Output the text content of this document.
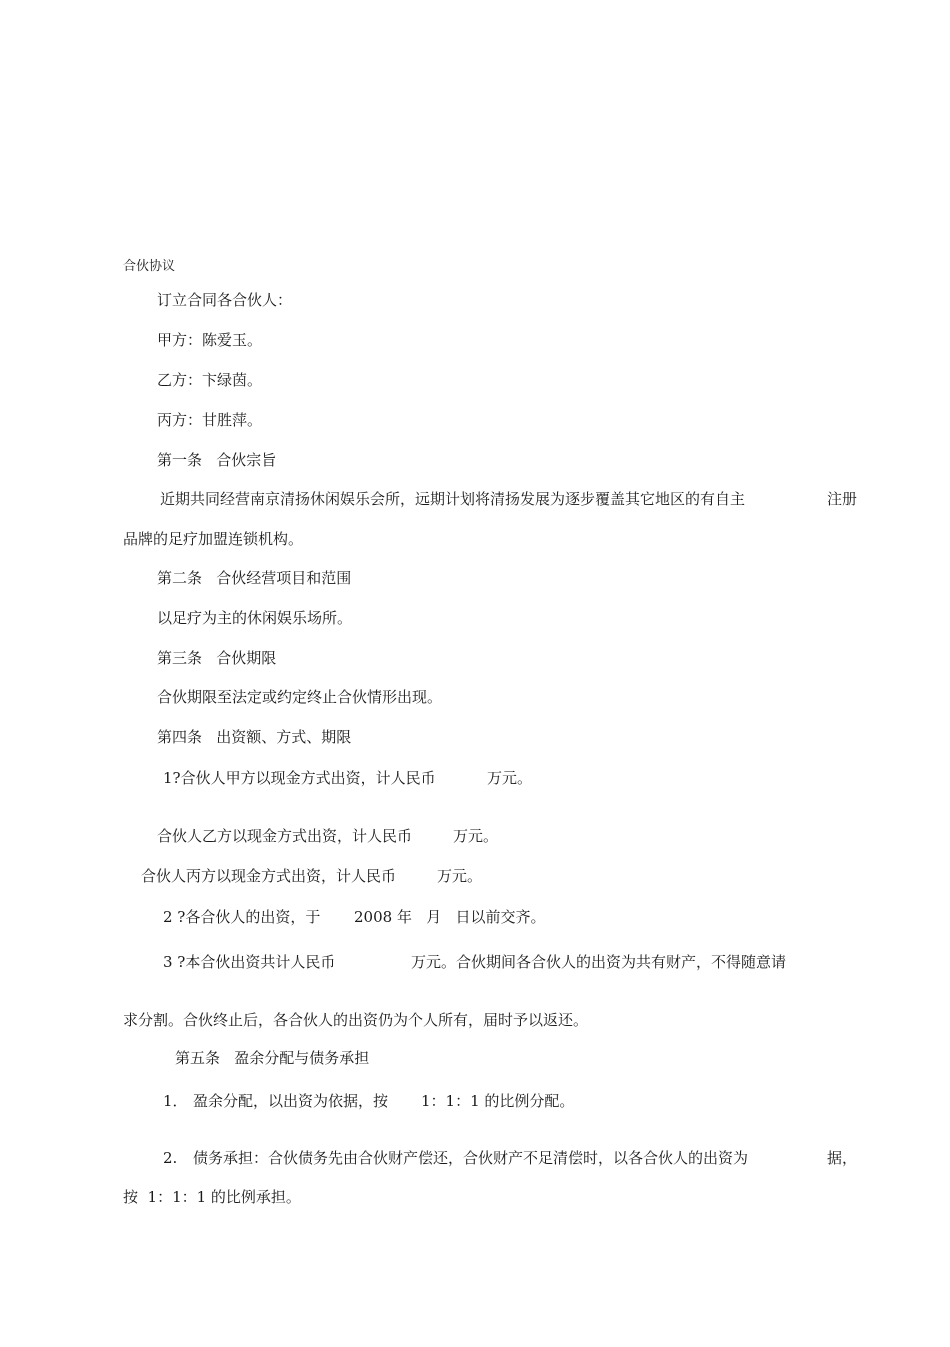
合伙协议
订立合同各合伙人：
甲方：陈爱玉。
乙方：卞绿茵。
丙方：甘胜萍。
第一条   合伙宗旨
近期共同经营南京清扬休闲娱乐会所，远期计划将清扬发展为逐步覆盖其它地区的有自主	注册
品牌的足疗加盟连锁机构。
第二条   合伙经营项目和范围
以足疗为主的休闲娱乐场所。
第三条   合伙期限
合伙期限至法定或约定终止合伙情形出现。
第四条   出资额、方式、期限
1?合伙人甲方以现金方式出资，计人民币	万元。
合伙人乙方以现金方式出资，计人民币	万元。
合伙人丙方以现金方式出资，计人民币	万元。
2 ?各合伙人的出资，于 2008 年   月   日以前交齐。
3 ?本合伙出资共计人民币	万元。合伙期间各合伙人的出资为共有财产，不得随意请
求分割。合伙终止后，各合伙人的出资仍为个人所有，届时予以返还。
第五条   盈余分配与债务承担
1． 盈余分配，以出资为依据，按 1：1：1 的比例分配。
2. 债务承担：合伙债务先由合伙财产偿还，合伙财产不足清偿时，以各合伙人的出资为	据，
按  1：1：1 的比例承担。
